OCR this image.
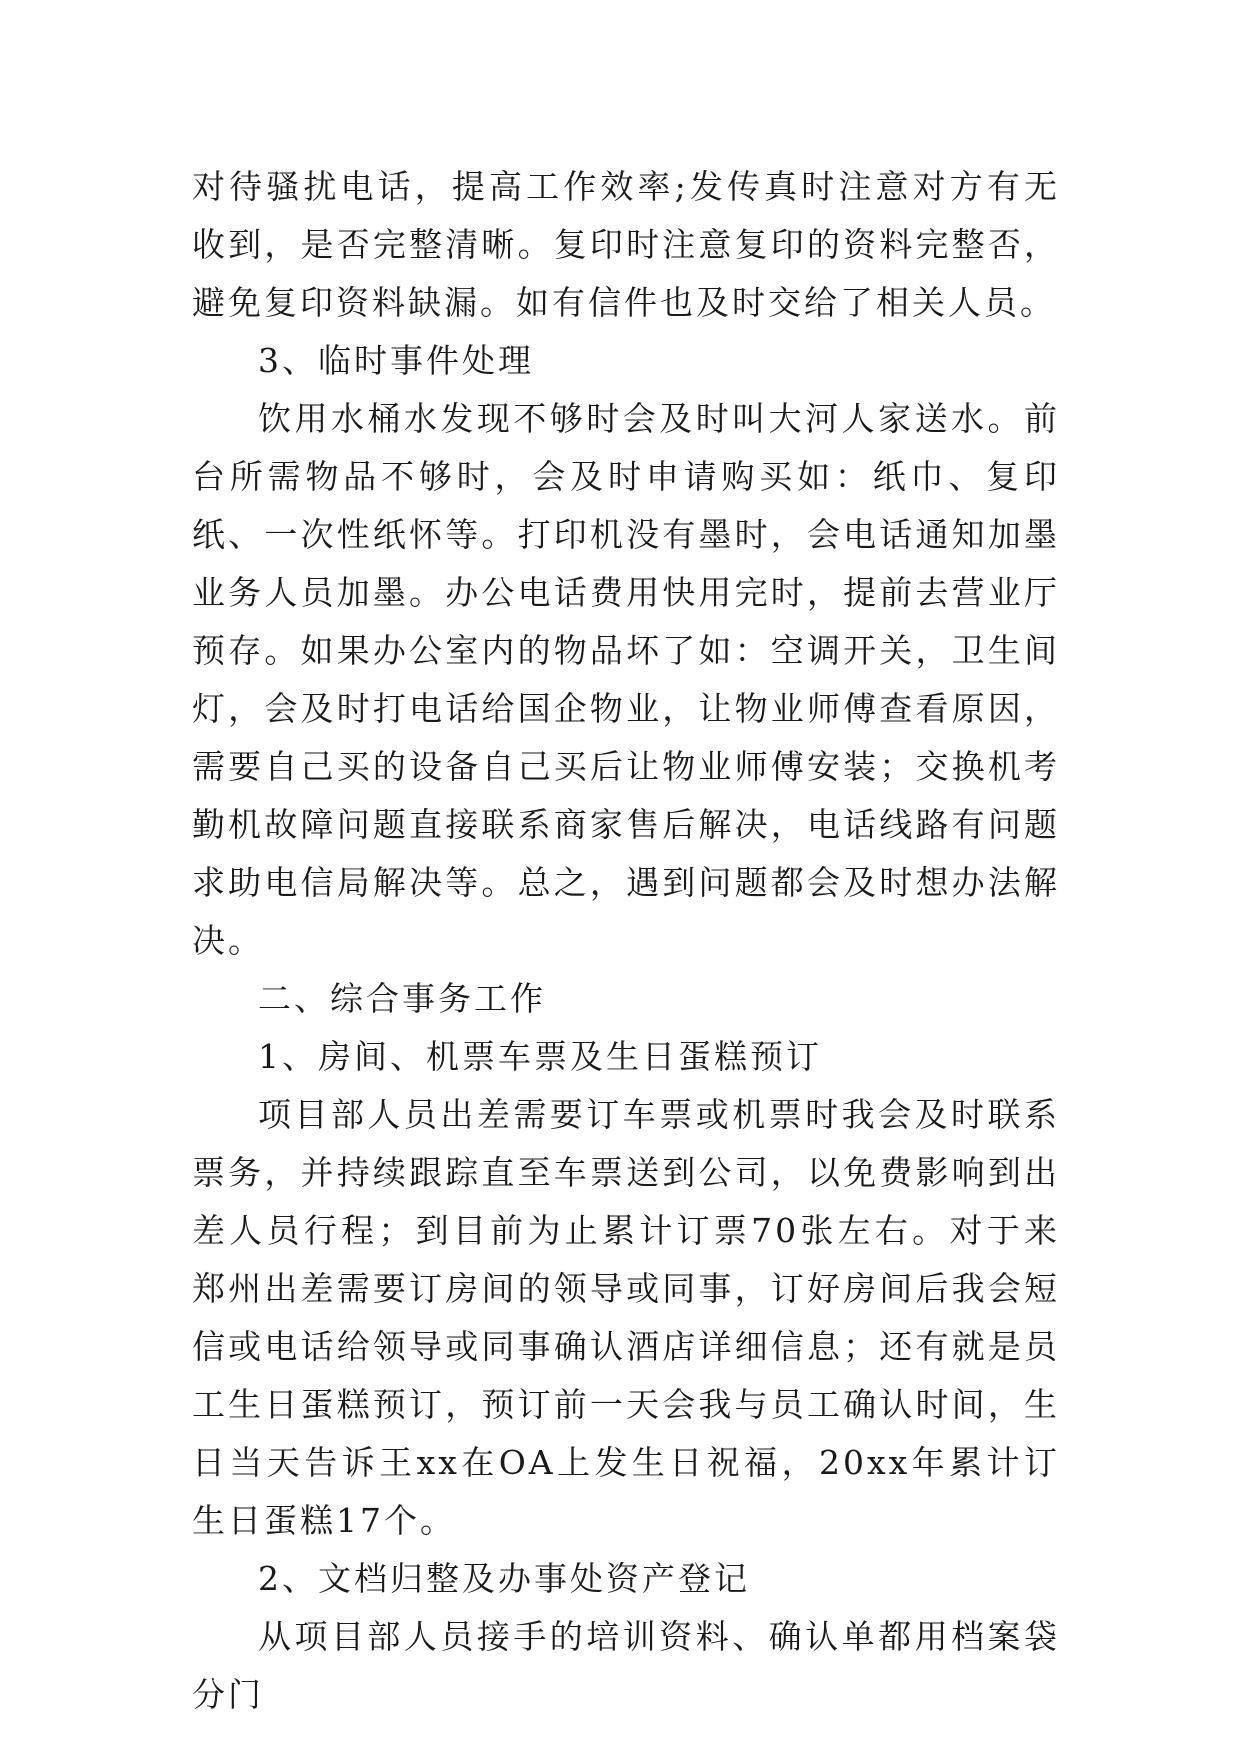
对待骚扰电话，提高工作效率;发传真时注意对方有无收到，是否完整清晰。复印时注意复印的资料完整否，避免复印资料缺漏。如有信件也及时交给了相关人员。

3、临时事件处理

饮用水桶水发现不够时会及时叫大河人家送水。前台所需物品不够时，会及时申请购买如：纸巾、复印纸、一次性纸怀等。打印机没有墨时，会电话通知加墨业务人员加墨。办公电话费用快用完时，提前去营业厅预存。如果办公室内的物品坏了如：空调开关，卫生间灯，会及时打电话给国企物业，让物业师傅查看原因，需要自己买的设备自己买后让物业师傅安装；交换机考勤机故障问题直接联系商家售后解决，电话线路有问题求助电信局解决等。总之，遇到问题都会及时想办法解决。

二、综合事务工作

1、房间、机票车票及生日蛋糕预订

项目部人员出差需要订车票或机票时我会及时联系票务，并持续跟踪直至车票送到公司，以免费影响到出差人员行程；到目前为止累计订票70张左右。对于来郑州出差需要订房间的领导或同事，订好房间后我会短信或电话给领导或同事确认酒店详细信息；还有就是员工生日蛋糕预订，预订前一天会我与员工确认时间，生日当天告诉王xx在OA上发生日祝福，20xx年累计订生日蛋糕17个。

2、文档归整及办事处资产登记

从项目部人员接手的培训资料、确认单都用档案袋分门
